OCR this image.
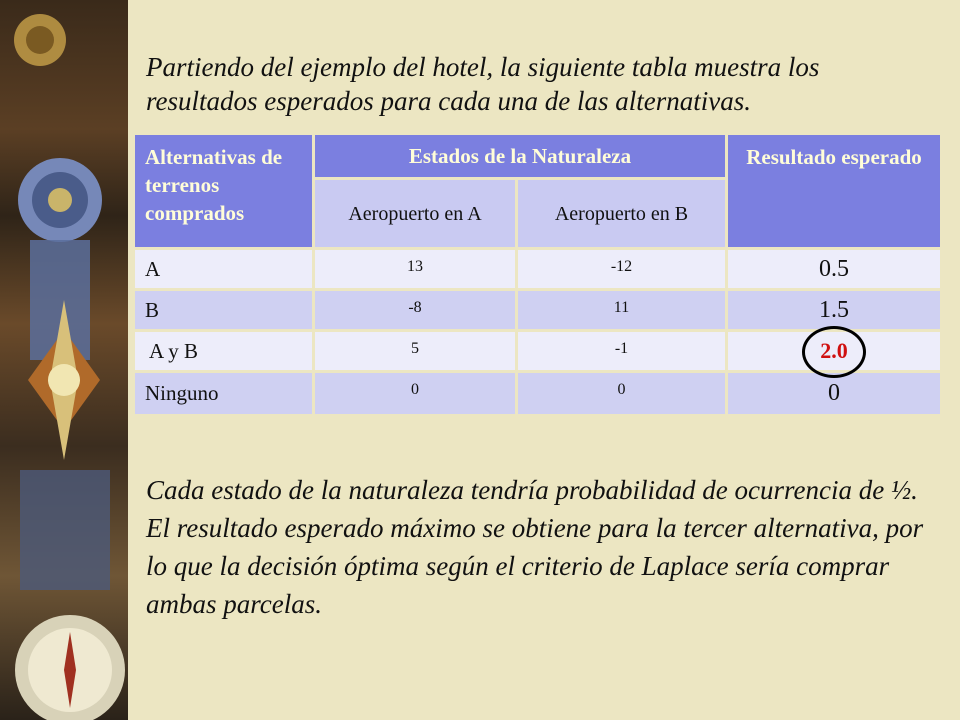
Partiendo del ejemplo del hotel, la siguiente tabla muestra los resultados esperados para cada una de las alternativas.
Alternativas de terrenos comprados	Estados de la Naturaleza		Resultado esperado
	Aeropuerto en A	Aeropuerto en B	
A	13	-12	0.5
B	-8	11	1.5
A y B	5	-1	2.0
Ninguno	0	0	0
Cada estado de la naturaleza tendría probabilidad de ocurrencia de ½. El resultado esperado máximo se obtiene para la tercer alternativa, por lo que la decisión óptima según el criterio de Laplace sería comprar ambas parcelas.
